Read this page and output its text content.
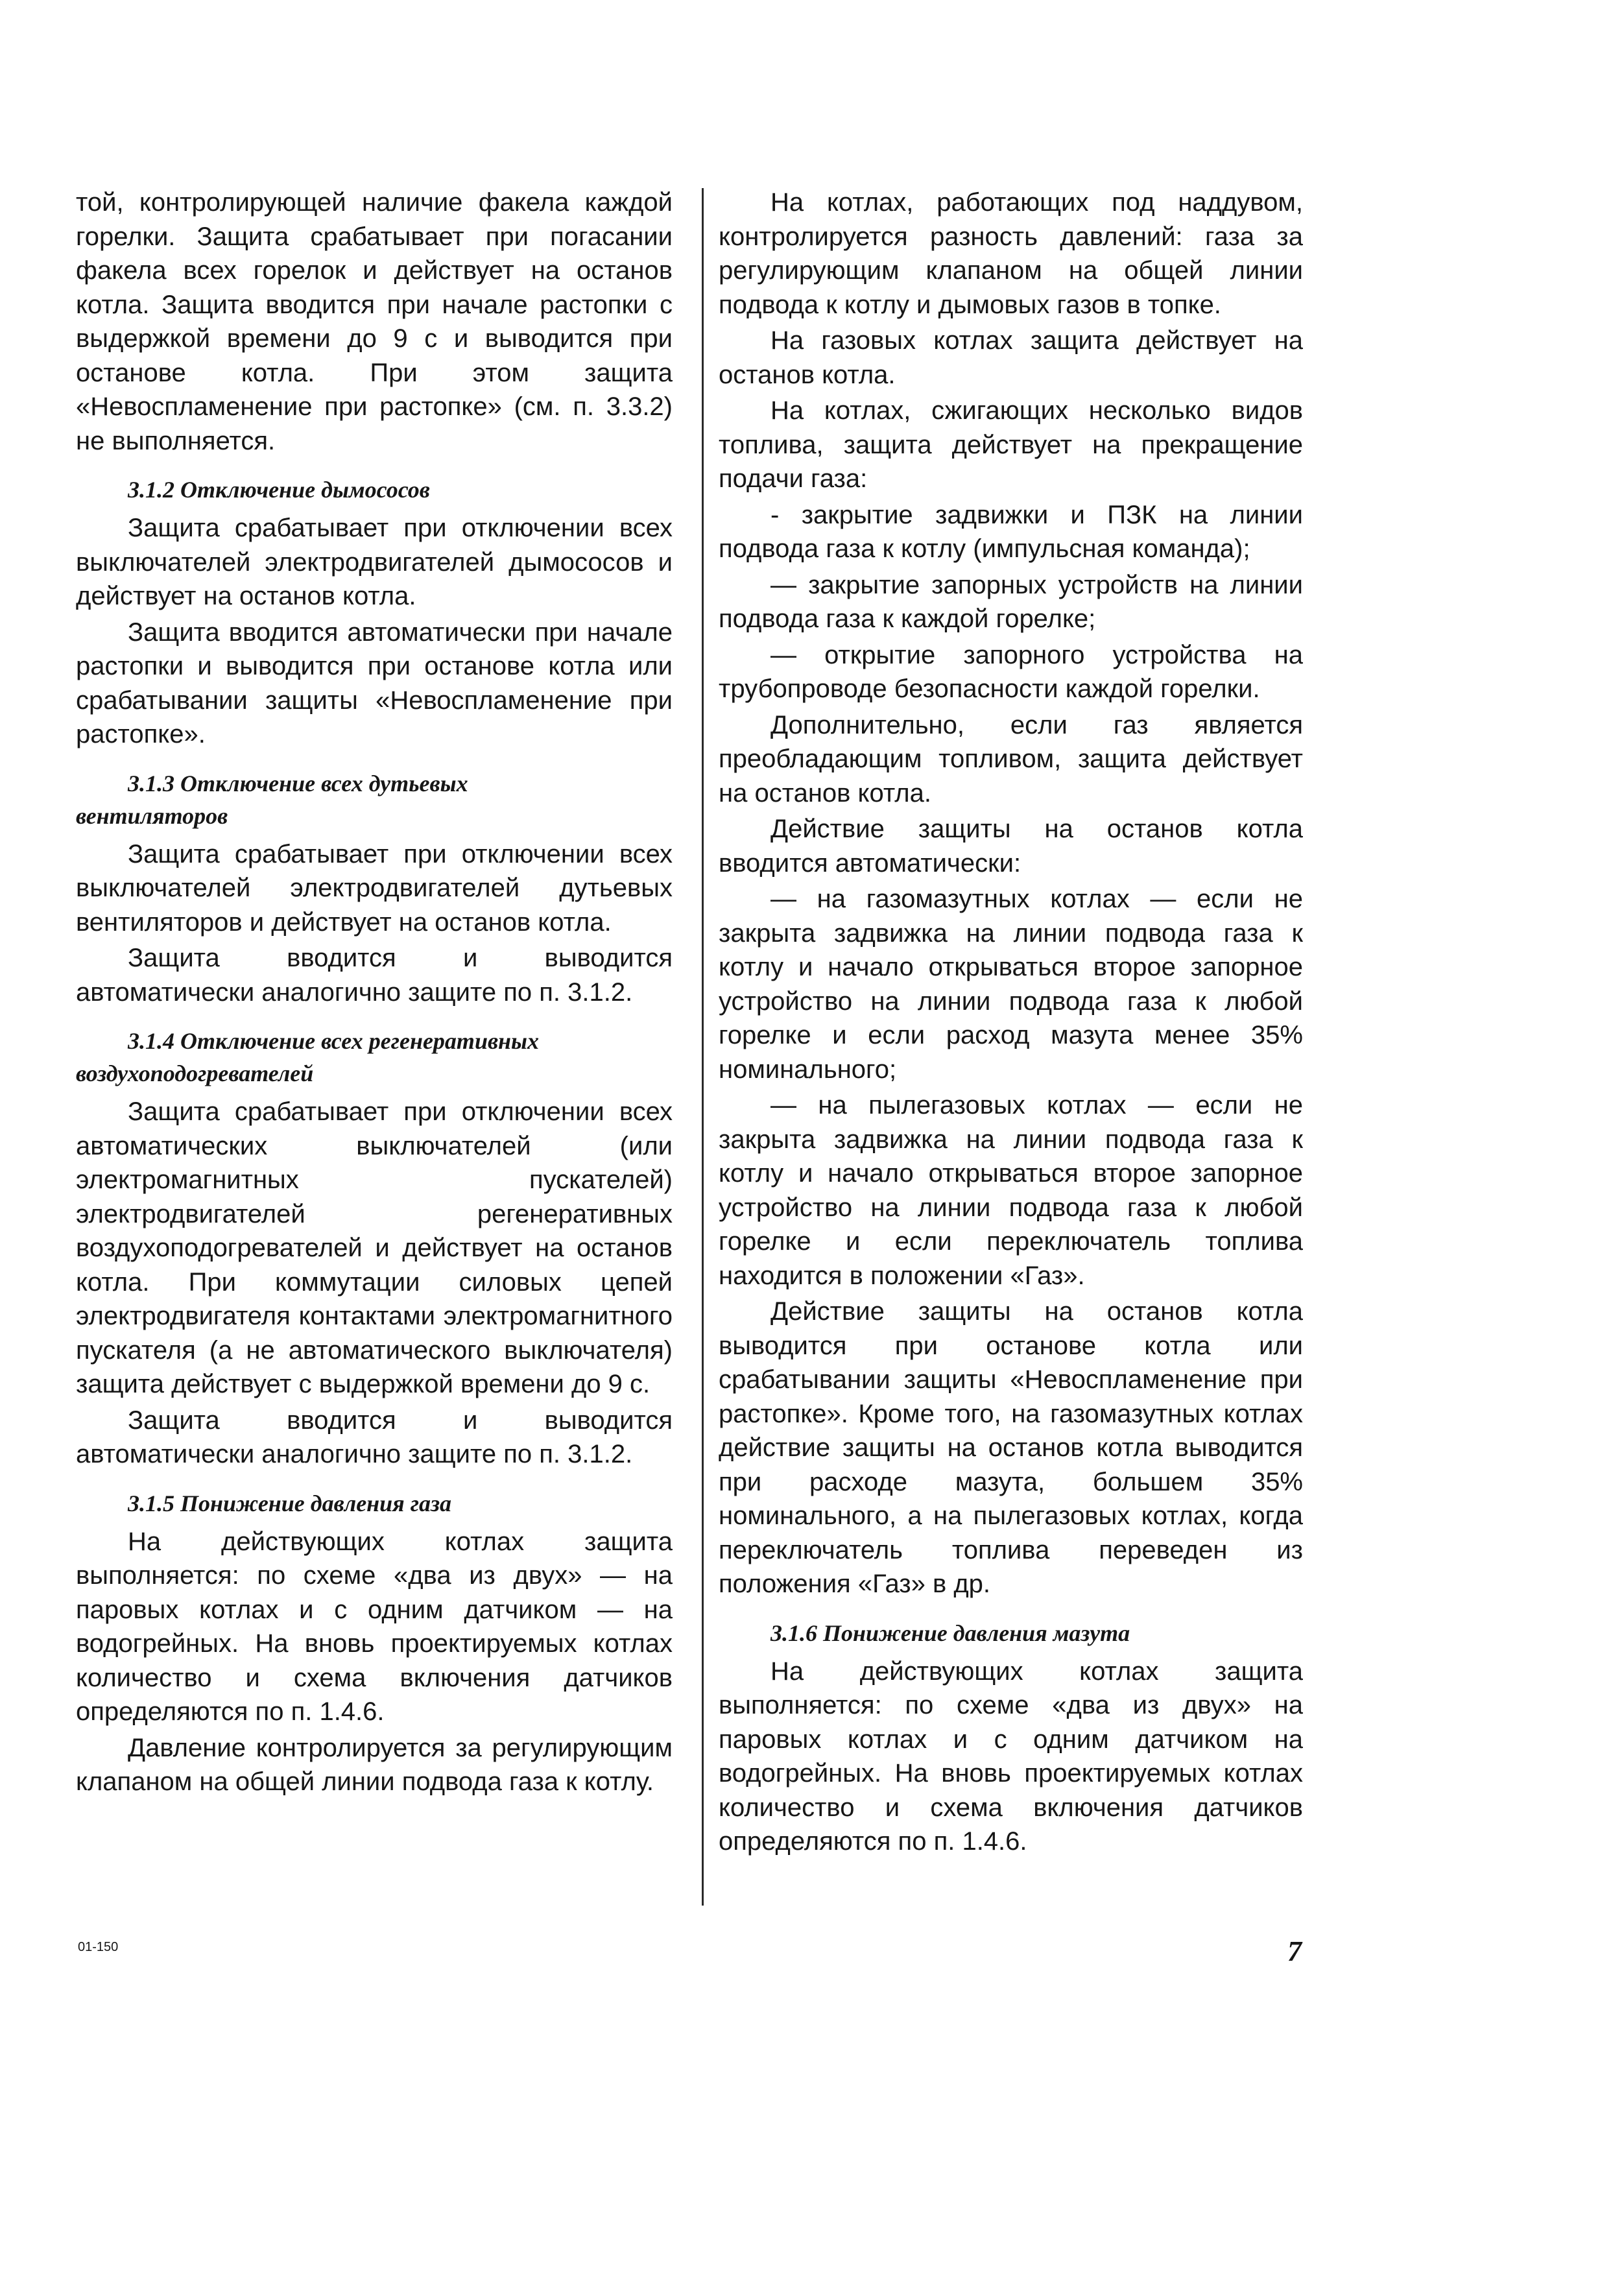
той, контролирующей наличие факела каждой горелки. Защита срабатывает при погасании факела всех горелок и действует на останов котла. Защита вводится при начале растопки с выдержкой времени до 9 с и выводится при останове котла. При этом защита «Невоспламенение при растопке» (см. п. 3.3.2) не выполняется.

3.1.2 Отключение дымососов

Защита срабатывает при отключении всех выключателей электродвигателей дымососов и действует на останов котла.

Защита вводится автоматически при начале растопки и выводится при останове котла или срабатывании защиты «Невоспламенение при растопке».

3.1.3 Отключение всех дутьевых
вентиляторов

Защита срабатывает при отключении всех выключателей электродвигателей дутьевых вентиляторов и действует на останов котла.

Защита вводится и выводится автоматически аналогично защите по п. 3.1.2.

3.1.4 Отключение всех регенеративных
воздухоподогревателей

Защита срабатывает при отключении всех автоматических выключателей (или электромагнитных пускателей) электродвигателей регенеративных воздухоподогревателей и действует на останов котла. При коммутации силовых цепей электродвигателя контактами электромагнитного пускателя (а не автоматического выключателя) защита действует с выдержкой времени до 9 с.

Защита вводится и выводится автоматически аналогично защите по п. 3.1.2.

3.1.5 Понижение давления газа

На действующих котлах защита выполняется: по схеме «два из двух» — на паровых котлах и с одним датчиком — на водогрейных. На вновь проектируемых котлах количество и схема включения датчиков определяются по п. 1.4.6.

Давление контролируется за регулирующим клапаном на общей линии подвода газа к котлу.

На котлах, работающих под наддувом, контролируется разность давлений: газа за регулирующим клапаном на общей линии подвода к котлу и дымовых газов в топке.

На газовых котлах защита действует на останов котла.

На котлах, сжигающих несколько видов топлива, защита действует на прекращение подачи газа:

- закрытие задвижки и ПЗК на линии подвода газа к котлу (импульсная команда);

— закрытие запорных устройств на линии подвода газа к каждой горелке;

— открытие запорного устройства на трубопроводе безопасности каждой горелки.

Дополнительно, если газ является преобладающим топливом, защита действует на останов котла.

Действие защиты на останов котла вводится автоматически:

— на газомазутных котлах — если не закрыта задвижка на линии подвода газа к котлу и начало открываться второе запорное устройство на линии подвода газа к любой горелке и если расход мазута менее 35% номинального;

— на пылегазовых котлах — если не закрыта задвижка на линии подвода газа к котлу и начало открываться второе запорное устройство на линии подвода газа к любой горелке и если переключатель топлива находится в положении «Газ».

Действие защиты на останов котла выводится при останове котла или срабатывании защиты «Невоспламенение при растопке». Кроме того, на газомазутных котлах действие защиты на останов котла выводится при расходе мазута, большем 35% номинального, а на пылегазовых котлах, когда переключатель топлива переведен из положения «Газ» в др.

3.1.6 Понижение давления мазута

На действующих котлах защита выполняется: по схеме «два из двух» на паровых котлах и с одним датчиком на водогрейных. На вновь проектируемых котлах количество и схема включения датчиков определяются по п. 1.4.6.

01-150	7
